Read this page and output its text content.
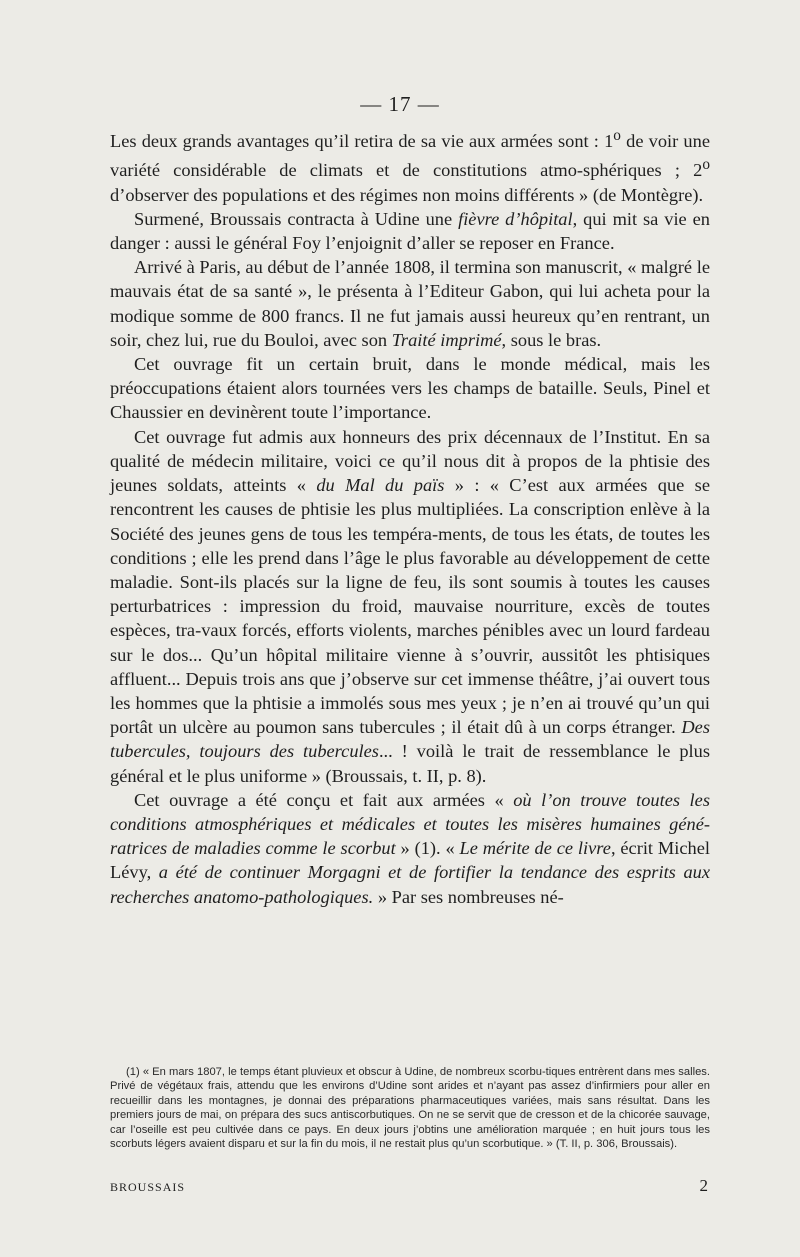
— 17 —

Les deux grands avantages qu’il retira de sa vie aux armées sont : 1$^o$ de voir une variété considérable de climats et de constitutions atmo-sphériques ; 2$^o$ d’observer des populations et des régimes non moins différents » (de Montègre).

Surmené, Broussais contracta à Udine une fièvre d’hôpital, qui mit sa vie en danger : aussi le général Foy l’enjoignit d’aller se reposer en France.

Arrivé à Paris, au début de l’année 1808, il termina son manuscrit, « malgré le mauvais état de sa santé », le présenta à l’Editeur Gabon, qui lui acheta pour la modique somme de 800 francs. Il ne fut jamais aussi heureux qu’en rentrant, un soir, chez lui, rue du Bouloi, avec son Traité imprimé, sous le bras.

Cet ouvrage fit un certain bruit, dans le monde médical, mais les préoccupations étaient alors tournées vers les champs de bataille. Seuls, Pinel et Chaussier en devinèrent toute l’importance.

Cet ouvrage fut admis aux honneurs des prix décennaux de l’Institut. En sa qualité de médecin militaire, voici ce qu’il nous dit à propos de la phtisie des jeunes soldats, atteints « du Mal du païs » : « C’est aux armées que se rencontrent les causes de phtisie les plus multipliées. La conscription enlève à la Société des jeunes gens de tous les tempéra-ments, de tous les états, de toutes les conditions ; elle les prend dans l’âge le plus favorable au développement de cette maladie. Sont-ils placés sur la ligne de feu, ils sont soumis à toutes les causes perturbatrices : impression du froid, mauvaise nourriture, excès de toutes espèces, tra-vaux forcés, efforts violents, marches pénibles avec un lourd fardeau sur le dos... Qu’un hôpital militaire vienne à s’ouvrir, aussitôt les phtisiques affluent... Depuis trois ans que j’observe sur cet immense théâtre, j’ai ouvert tous les hommes que la phtisie a immolés sous mes yeux ; je n’en ai trouvé qu’un qui portât un ulcère au poumon sans tubercules ; il était dû à un corps étranger. Des tubercules, toujours des tubercules... ! voilà le trait de ressemblance le plus général et le plus uniforme » (Broussais, t. II, p. 8).

Cet ouvrage a été conçu et fait aux armées « où l’on trouve toutes les conditions atmosphériques et médicales et toutes les misères humaines géné-ratrices de maladies comme le scorbut » (1). « Le mérite de ce livre, écrit Michel Lévy, a été de continuer Morgagni et de fortifier la tendance des esprits aux recherches anatomo-pathologiques. » Par ses nombreuses né-

(1) « En mars 1807, le temps étant pluvieux et obscur à Udine, de nombreux scorbu-tiques entrèrent dans mes salles. Privé de végétaux frais, attendu que les environs d’Udine sont arides et n’ayant pas assez d’infirmiers pour aller en recueillir dans les montagnes, je donnai des préparations pharmaceutiques variées, mais sans résultat. Dans les premiers jours de mai, on prépara des sucs antiscorbutiques. On ne se servit que de cresson et de la chicorée sauvage, car l’oseille est peu cultivée dans ce pays. En deux jours j’obtins une amélioration marquée ; en huit jours tous les scorbuts légers avaient disparu et sur la fin du mois, il ne restait plus qu’un scorbutique. » (T. II, p. 306, Broussais).

BROUSSAIS	2
